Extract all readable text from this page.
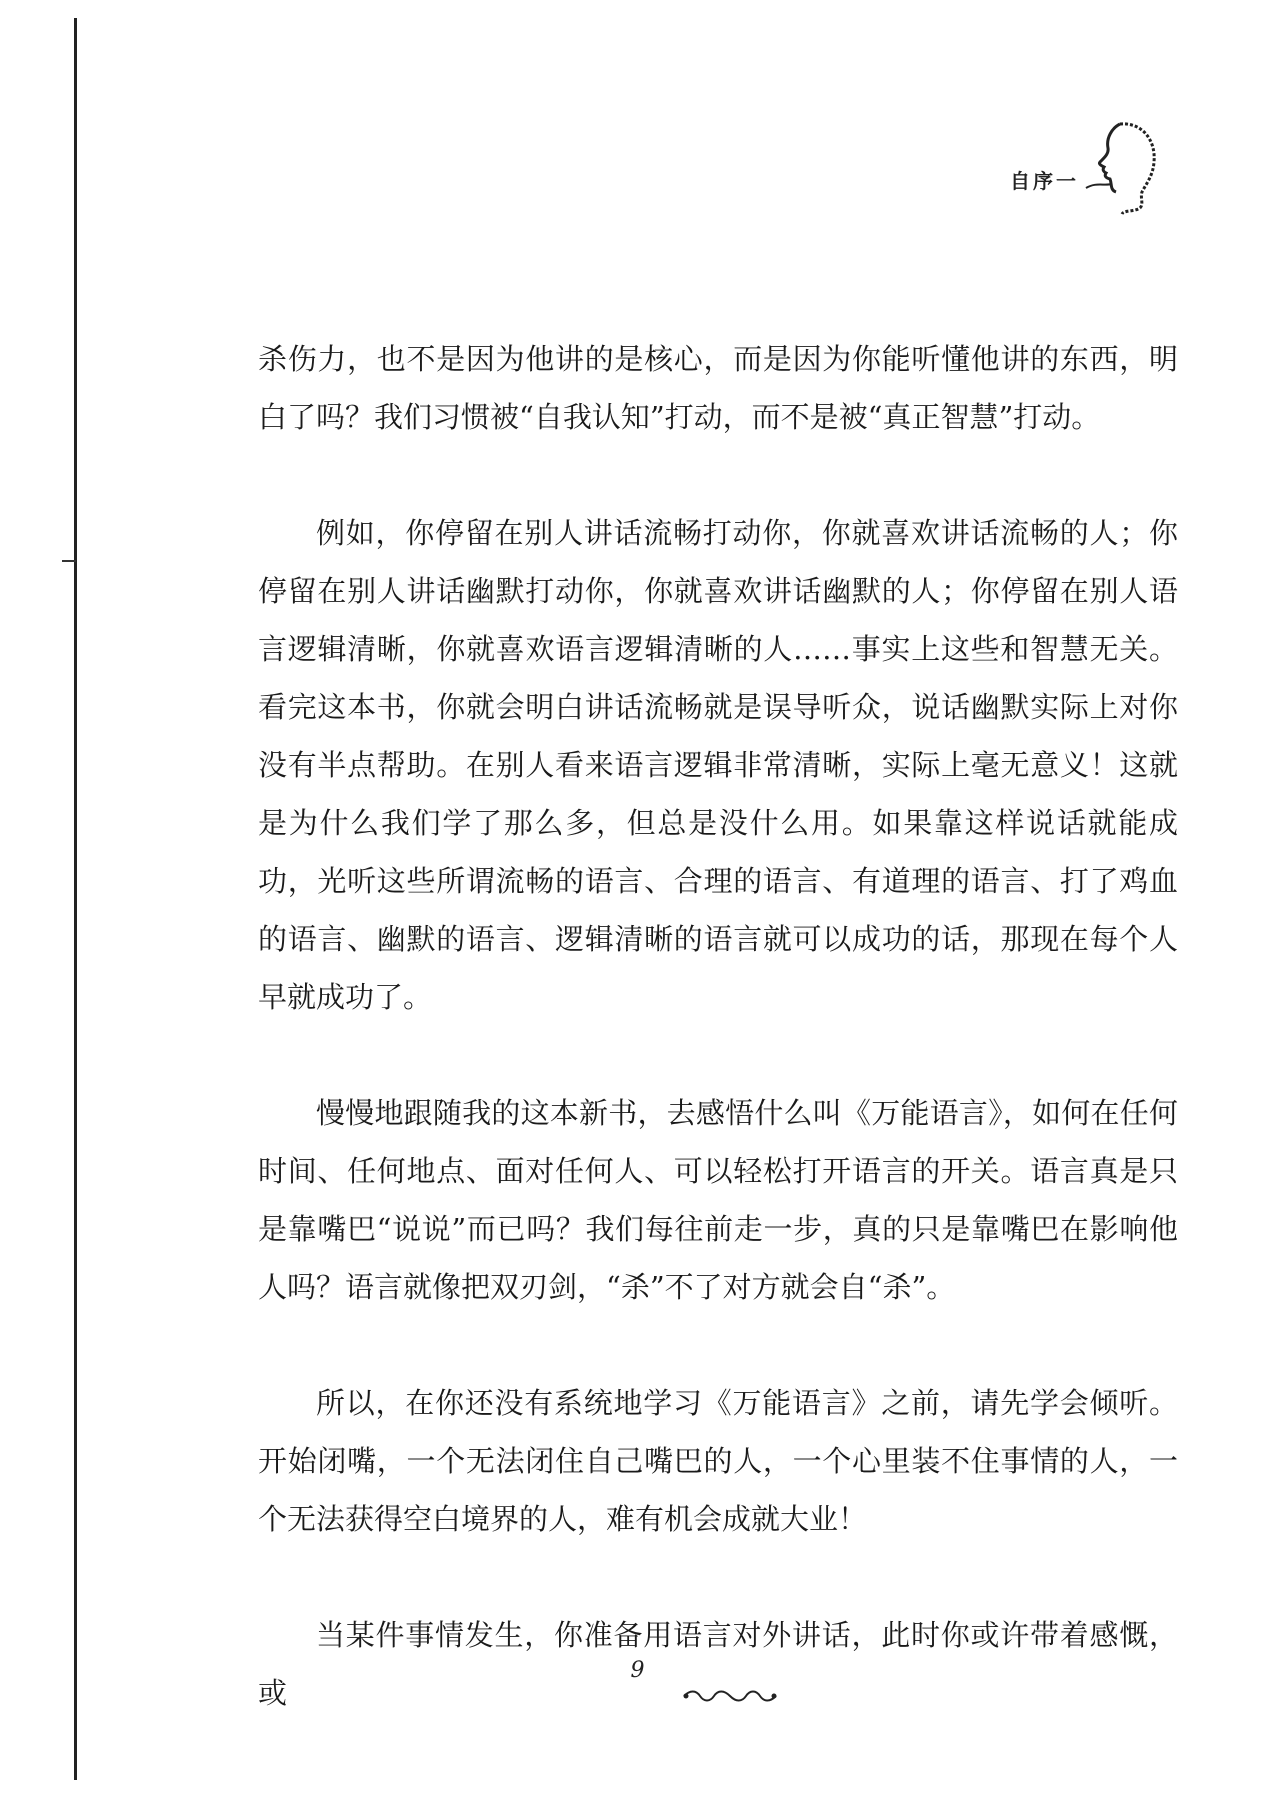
自序一

杀伤力，也不是因为他讲的是核心，而是因为你能听懂他讲的东西，明白了吗？我们习惯被“自我认知”打动，而不是被“真正智慧”打动。

例如，你停留在别人讲话流畅打动你，你就喜欢讲话流畅的人；你停留在别人讲话幽默打动你，你就喜欢讲话幽默的人；你停留在别人语言逻辑清晰，你就喜欢语言逻辑清晰的人……事实上这些和智慧无关。看完这本书，你就会明白讲话流畅就是误导听众，说话幽默实际上对你没有半点帮助。在别人看来语言逻辑非常清晰，实际上毫无意义！这就是为什么我们学了那么多，但总是没什么用。如果靠这样说话就能成功，光听这些所谓流畅的语言、合理的语言、有道理的语言、打了鸡血的语言、幽默的语言、逻辑清晰的语言就可以成功的话，那现在每个人早就成功了。

慢慢地跟随我的这本新书，去感悟什么叫《万能语言》，如何在任何时间、任何地点、面对任何人、可以轻松打开语言的开关。语言真是只是靠嘴巴“说说”而已吗？我们每往前走一步，真的只是靠嘴巴在影响他人吗？语言就像把双刃剑，“杀”不了对方就会自“杀”。

所以，在你还没有系统地学习《万能语言》之前，请先学会倾听。开始闭嘴，一个无法闭住自己嘴巴的人，一个心里装不住事情的人，一个无法获得空白境界的人，难有机会成就大业！

当某件事情发生，你准备用语言对外讲话，此时你或许带着感慨，或

9
